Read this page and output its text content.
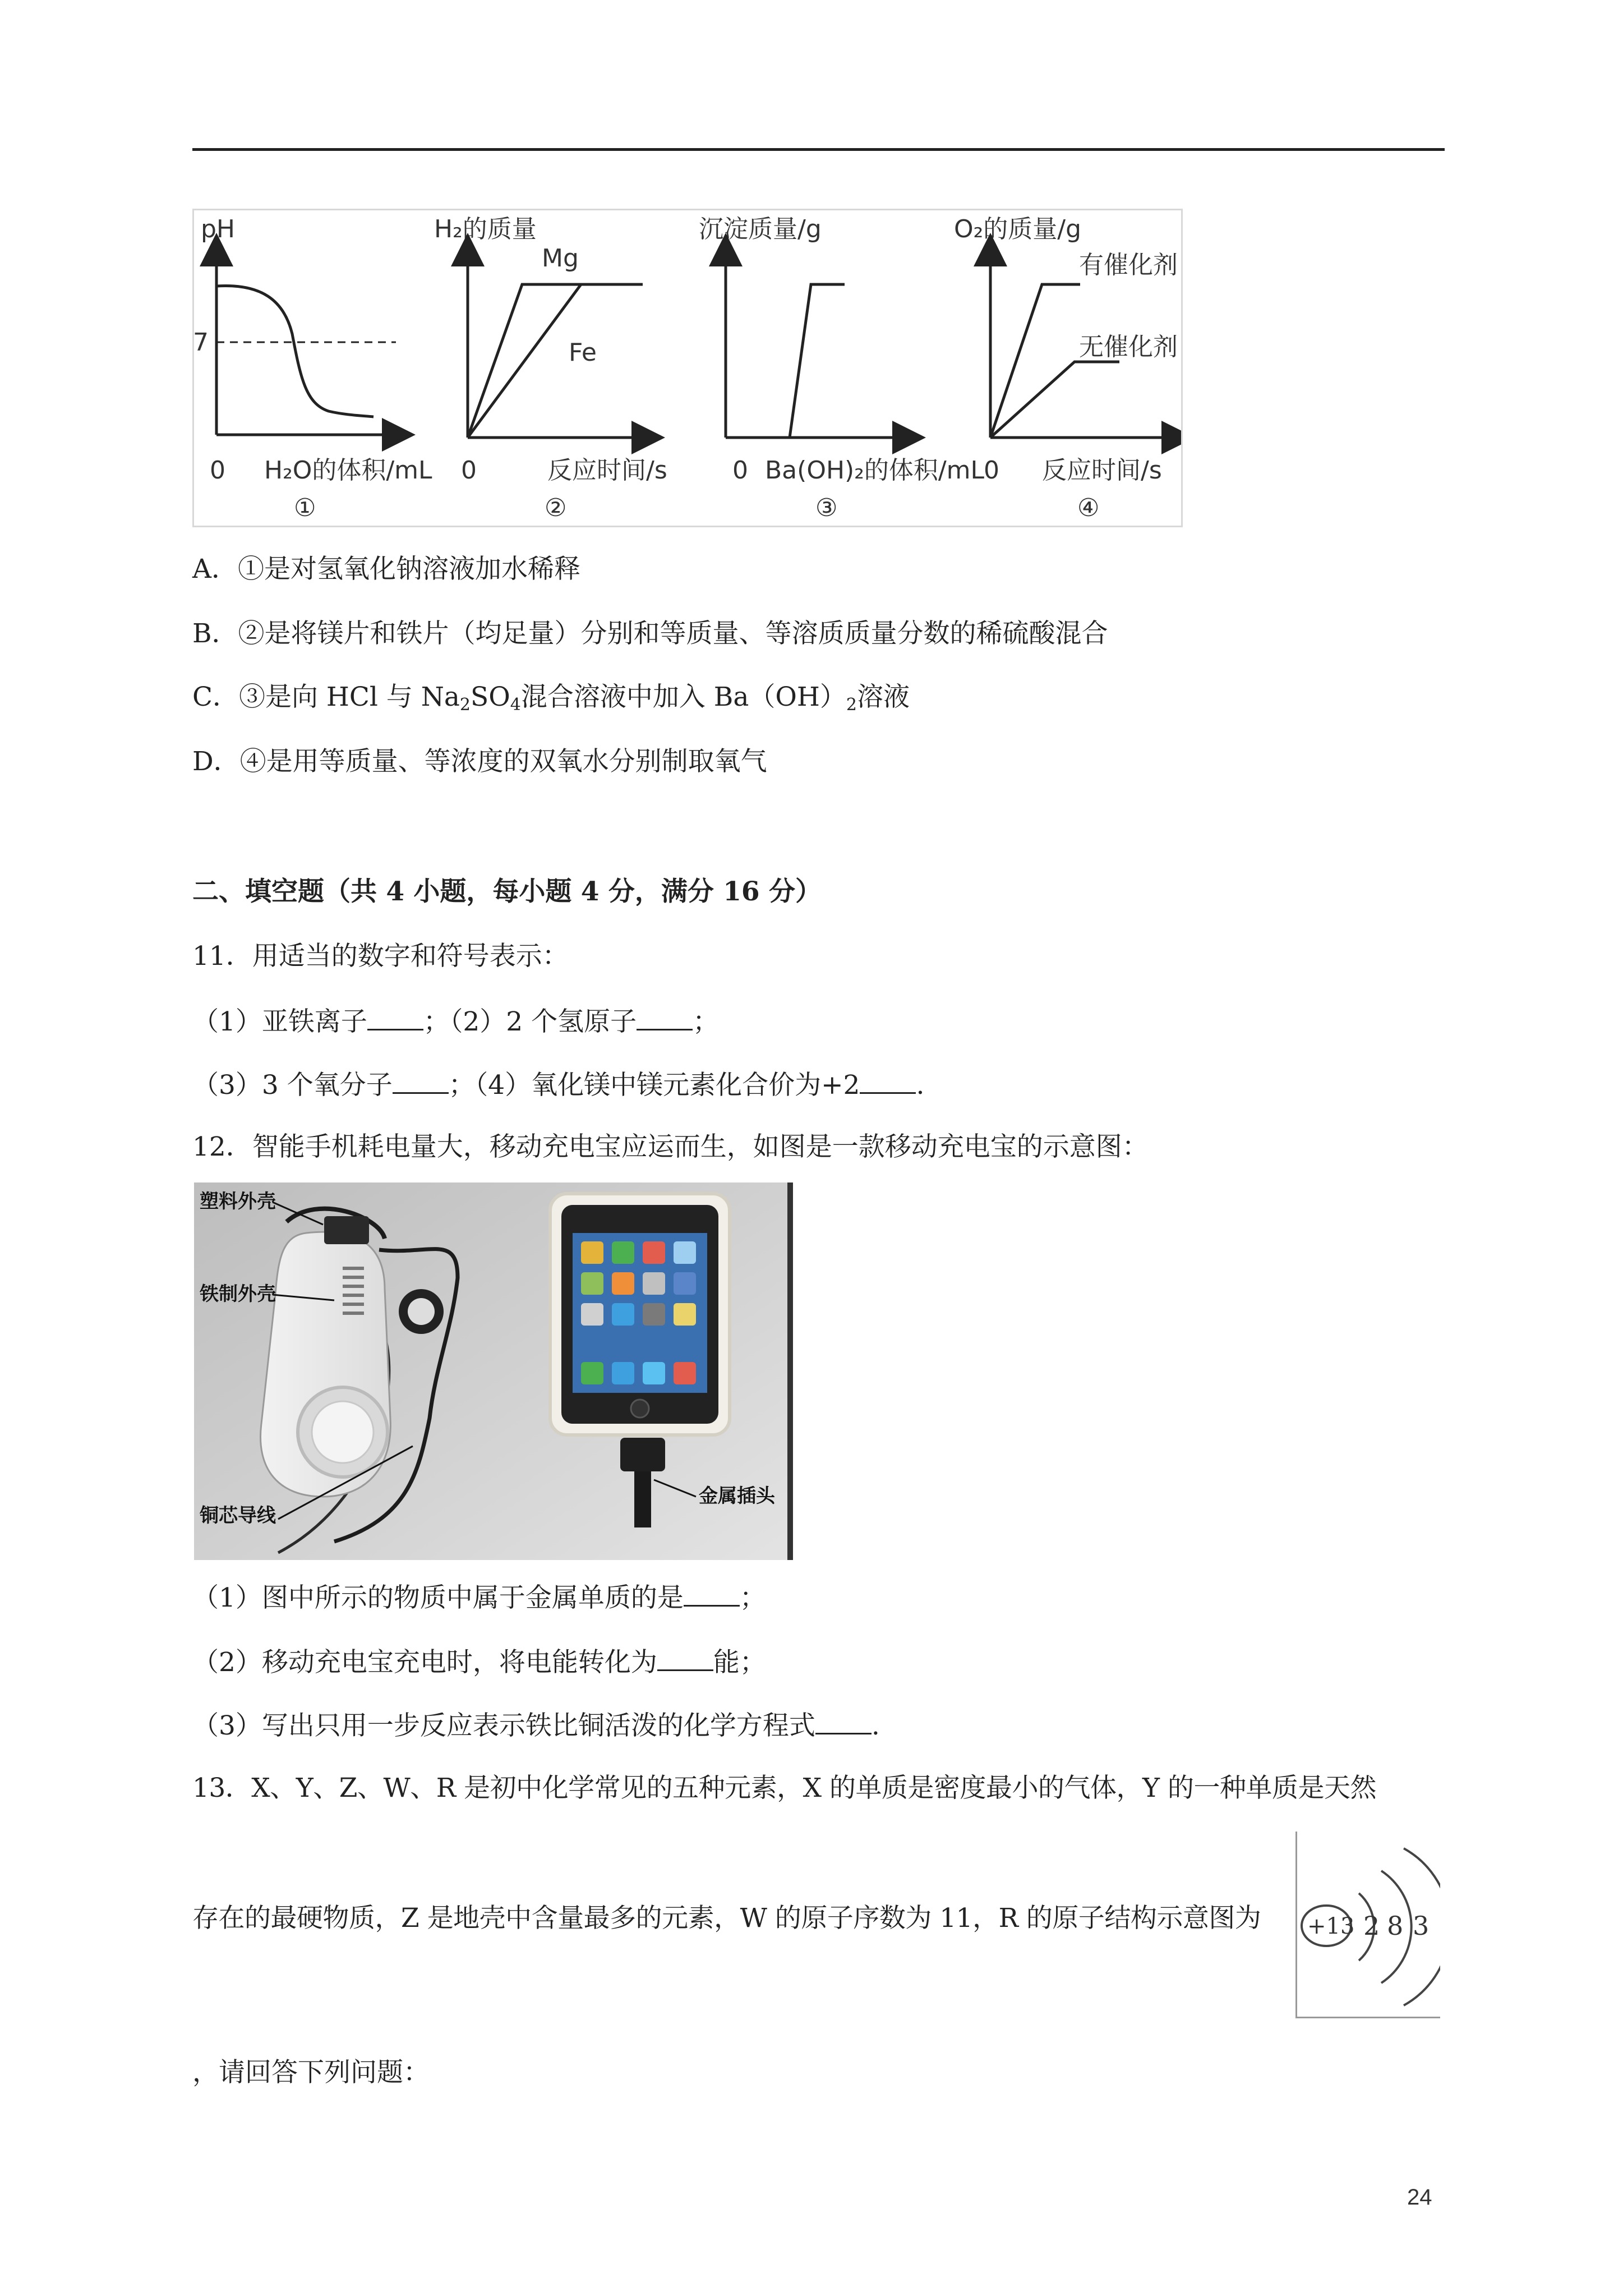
pH
7
0 H₂O的体积/mL
①
H₂的质量
Mg
Fe
0	反应时间/s
②
沉淀质量/g
0 Ba(OH)₂的体积/mL
③
O₂的质量/g
有催化剂
无催化剂
0 反应时间/s
④
A．①是对氢氧化钠溶液加水稀释
B．②是将镁片和铁片（均足量）分别和等质量、等溶质质量分数的稀硫酸混合
C．③是向 HCl 与 $Na_2SO_4$混合溶液中加入 $Ba(OH)_2$溶液
D．④是用等质量、等浓度的双氧水分别制取氧气
二、填空题（共 4 小题，每小题 4 分，满分 16 分）
11．用适当的数字和符号表示：
（1）亚铁离子 ；（2）2 个氢原子 ；
（3）3 个氧分子 ；（4）氧化镁中镁元素化合价为+2 .
12．智能手机耗电量大，移动充电宝应运而生，如图是一款移动充电宝的示意图：
塑料外壳
铁制外壳
铜芯导线
金属插头
（1）图中所示的物质中属于金属单质的是 ；
（2）移动充电宝充电时，将电能转化为 能；
（3）写出只用一步反应表示铁比铜活泼的化学方程式 .
13．X、Y、Z、W、R 是初中化学常见的五种元素，X 的单质是密度最小的气体，Y 的一种单质是天然
存在的最硬物质，Z 是地壳中含量最多的元素，W 的原子序数为 11，R 的原子结构示意图为 +13 2 8 3
，请回答下列问题：
24
